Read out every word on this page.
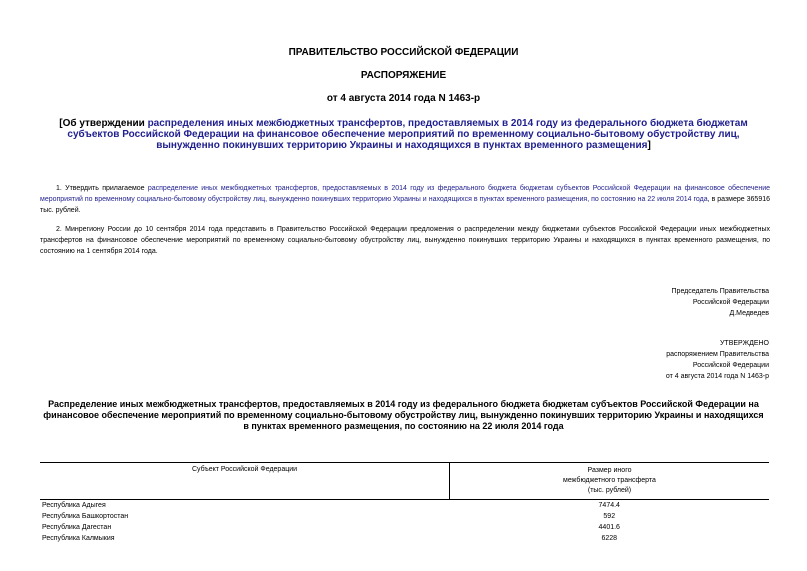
ПРАВИТЕЛЬСТВО РОССИЙСКОЙ ФЕДЕРАЦИИ
РАСПОРЯЖЕНИЕ
от 4 августа 2014 года N 1463-р
[Об утверждении распределения иных межбюджетных трансфертов, предоставляемых в 2014 году из федерального бюджета бюджетам субъектов Российской Федерации на финансовое обеспечение мероприятий по временному социально-бытовому обустройству лиц, вынужденно покинувших территорию Украины и находящихся в пунктах временного размещения]
1. Утвердить прилагаемое распределение иных межбюджетных трансфертов, предоставляемых в 2014 году из федерального бюджета бюджетам субъектов Российской Федерации на финансовое обеспечение мероприятий по временному социально-бытовому обустройству лиц, вынужденно покинувших территорию Украины и находящихся в пунктах временного размещения, по состоянию на 22 июля 2014 года, в размере 365916 тыс. рублей.
2. Минрегиону России до 10 сентября 2014 года представить в Правительство Российской Федерации предложения о распределении между бюджетами субъектов Российской Федерации иных межбюджетных трансфертов на финансовое обеспечение мероприятий по временному социально-бытовому обустройству лиц, вынужденно покинувших территорию Украины и находящихся в пунктах временного размещения, по состоянию на 1 сентября 2014 года.
Председатель Правительства
Российской Федерации
Д.Медведев
УТВЕРЖДЕНО
распоряжением Правительства
Российской Федерации
от 4 августа 2014 года N 1463-р
Распределение иных межбюджетных трансфертов, предоставляемых в 2014 году из федерального бюджета бюджетам субъектов Российской Федерации на финансовое обеспечение мероприятий по временному социально-бытовому обустройству лиц, вынужденно покинувших территорию Украины и находящихся в пунктах временного размещения, по состоянию на 22 июля 2014 года
Субъект Российской Федерации	Размер иного
межбюджетного трансферта
(тыс. рублей)

Республика Адыгея	7474.4
Республика Башкортостан	592
Республика Дагестан	4401.6
Республика Калмыкия	6228
